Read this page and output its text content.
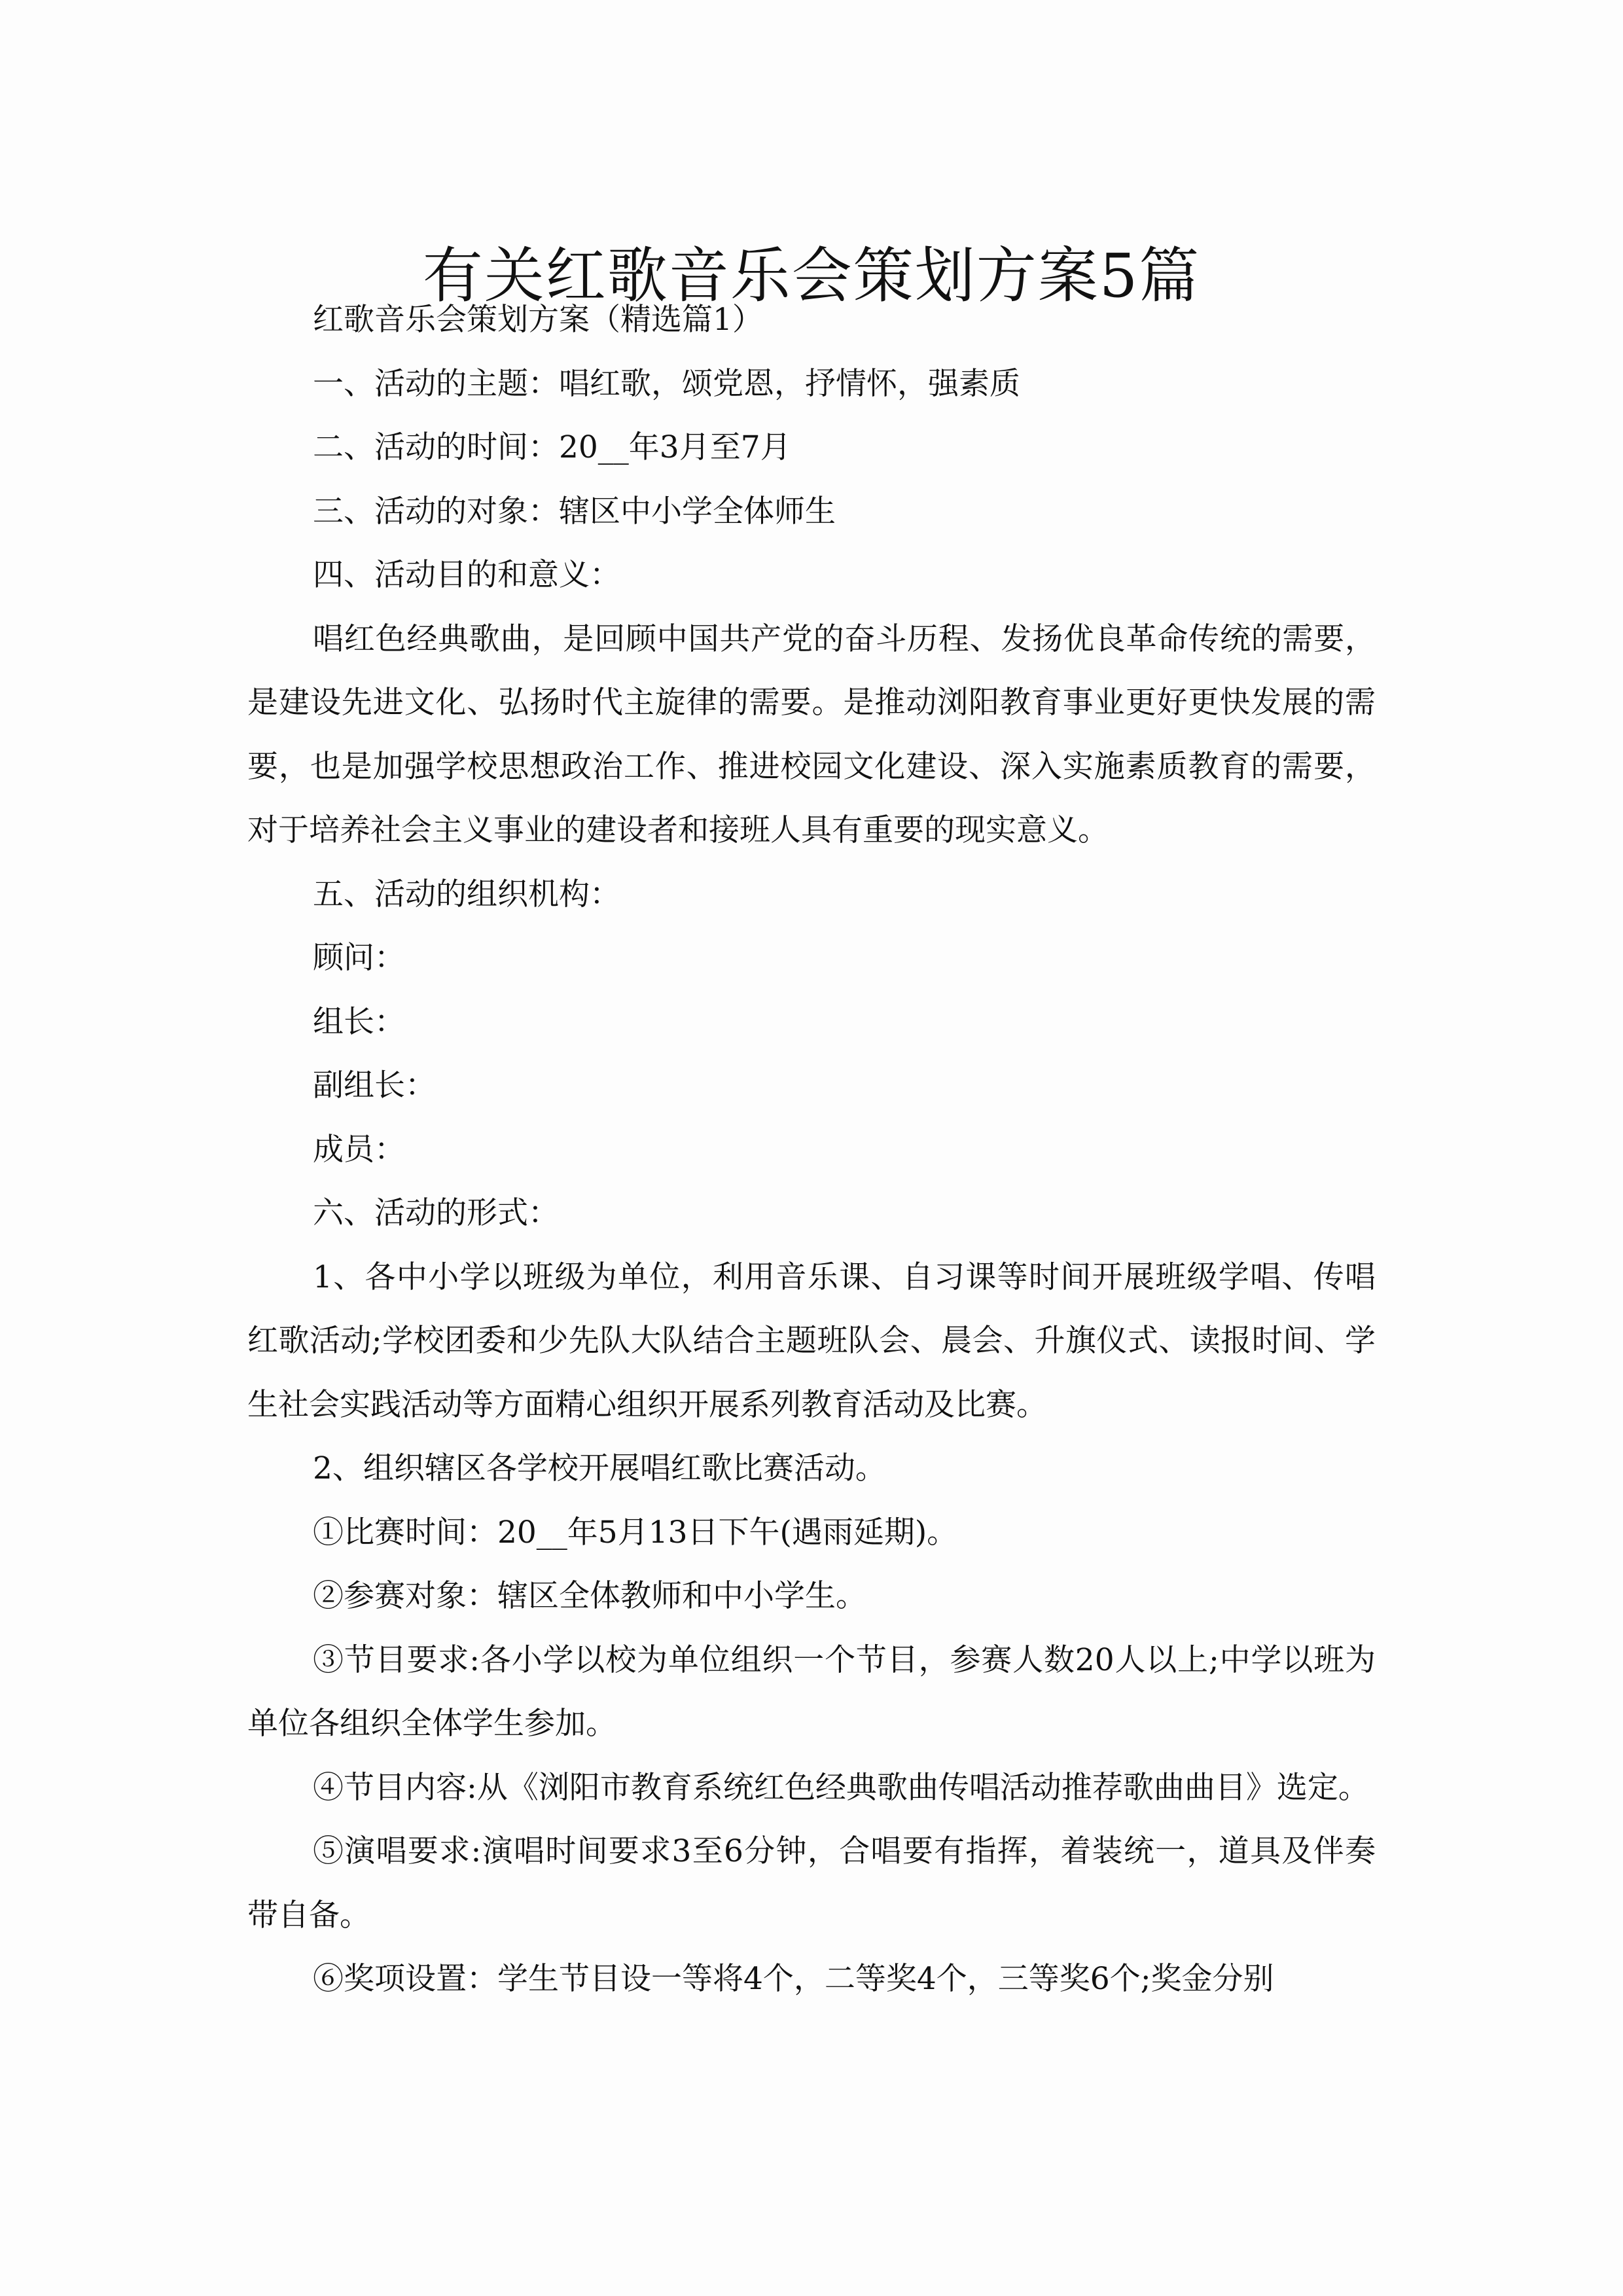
有关红歌音乐会策划方案5篇

红歌音乐会策划方案（精选篇1）

一、活动的主题：唱红歌，颂党恩，抒情怀，强素质

二、活动的时间：20__年3月至7月

三、活动的对象：辖区中小学全体师生

四、活动目的和意义：

唱红色经典歌曲，是回顾中国共产党的奋斗历程、发扬优良革命传统的需要，是建设先进文化、弘扬时代主旋律的需要。是推动浏阳教育事业更好更快发展的需要，也是加强学校思想政治工作、推进校园文化建设、深入实施素质教育的需要，对于培养社会主义事业的建设者和接班人具有重要的现实意义。

五、活动的组织机构：

顾问：

组长：

副组长：

成员：

六、活动的形式：

1、各中小学以班级为单位，利用音乐课、自习课等时间开展班级学唱、传唱红歌活动;学校团委和少先队大队结合主题班队会、晨会、升旗仪式、读报时间、学生社会实践活动等方面精心组织开展系列教育活动及比赛。

2、组织辖区各学校开展唱红歌比赛活动。

①比赛时间：20__年5月13日下午(遇雨延期)。

②参赛对象：辖区全体教师和中小学生。

③节目要求:各小学以校为单位组织一个节目，参赛人数20人以上;中学以班为单位各组织全体学生参加。

④节目内容:从《浏阳市教育系统红色经典歌曲传唱活动推荐歌曲曲目》选定。

⑤演唱要求:演唱时间要求3至6分钟，合唱要有指挥，着装统一，道具及伴奏带自备。

⑥奖项设置：学生节目设一等将4个，二等奖4个，三等奖6个;奖金分别
